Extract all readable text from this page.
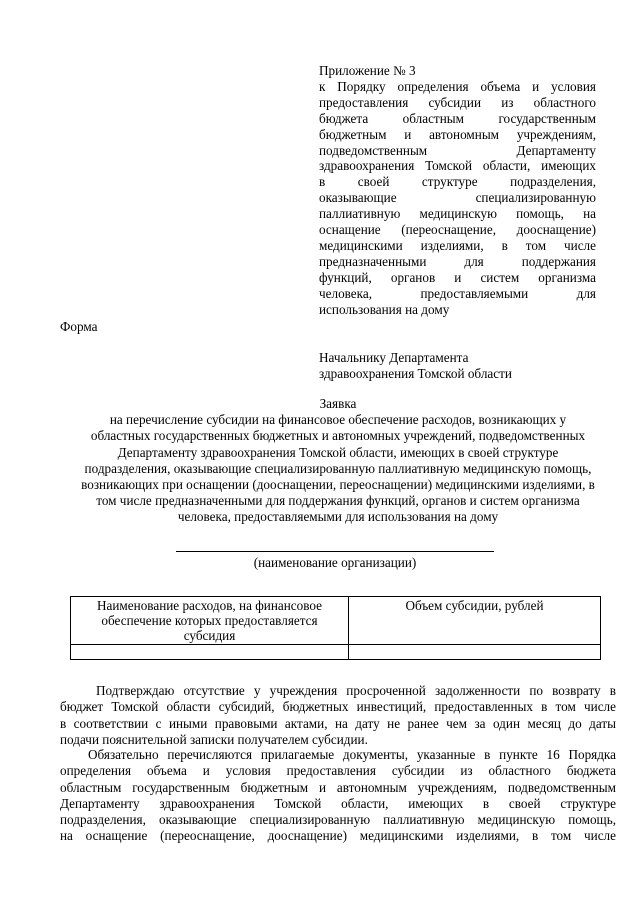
Приложение № 3
к Порядку определения объема и условия
предоставления субсидии из областного
бюджета областным государственным
бюджетным и автономным учреждениям,
подведомственным Департаменту
здравоохранения Томской области, имеющих
в своей структуре подразделения,
оказывающие специализированную
паллиативную медицинскую помощь, на
оснащение (переоснащение, дооснащение)
медицинскими изделиями, в том числе
предназначенными для поддержания
функций, органов и систем организма
человека, предоставляемыми для
использования на дому
Форма
Начальнику Департамента
здравоохранения Томской области
Заявка
на перечисление субсидии на финансовое обеспечение расходов, возникающих у
областных государственных бюджетных и автономных учреждений, подведомственных
Департаменту здравоохранения Томской области, имеющих в своей структуре
подразделения, оказывающие специализированную паллиативную медицинскую помощь,
возникающих при оснащении (дооснащении, переоснащении) медицинскими изделиями, в
том числе предназначенными для поддержания функций, органов и систем организма
человека, предоставляемыми для использования на дому
(наименование организации)
Наименование расходов, на финансовое обеспечение которых предоставляется субсидия	Объем субсидии, рублей

Подтверждаю отсутствие у учреждения просроченной задолженности по возврату в
бюджет Томской области субсидий, бюджетных инвестиций, предоставленных в том числе
в соответствии с иными правовыми актами, на дату не ранее чем за один месяц до даты
подачи пояснительной записки получателем субсидии.
Обязательно перечисляются прилагаемые документы, указанные в пункте 16 Порядка
определения объема и условия предоставления субсидии из областного бюджета
областным государственным бюджетным и автономным учреждениям, подведомственным
Департаменту здравоохранения Томской области, имеющих в своей структуре
подразделения, оказывающие специализированную паллиативную медицинскую помощь,
на оснащение (переоснащение, дооснащение) медицинскими изделиями, в том числе
